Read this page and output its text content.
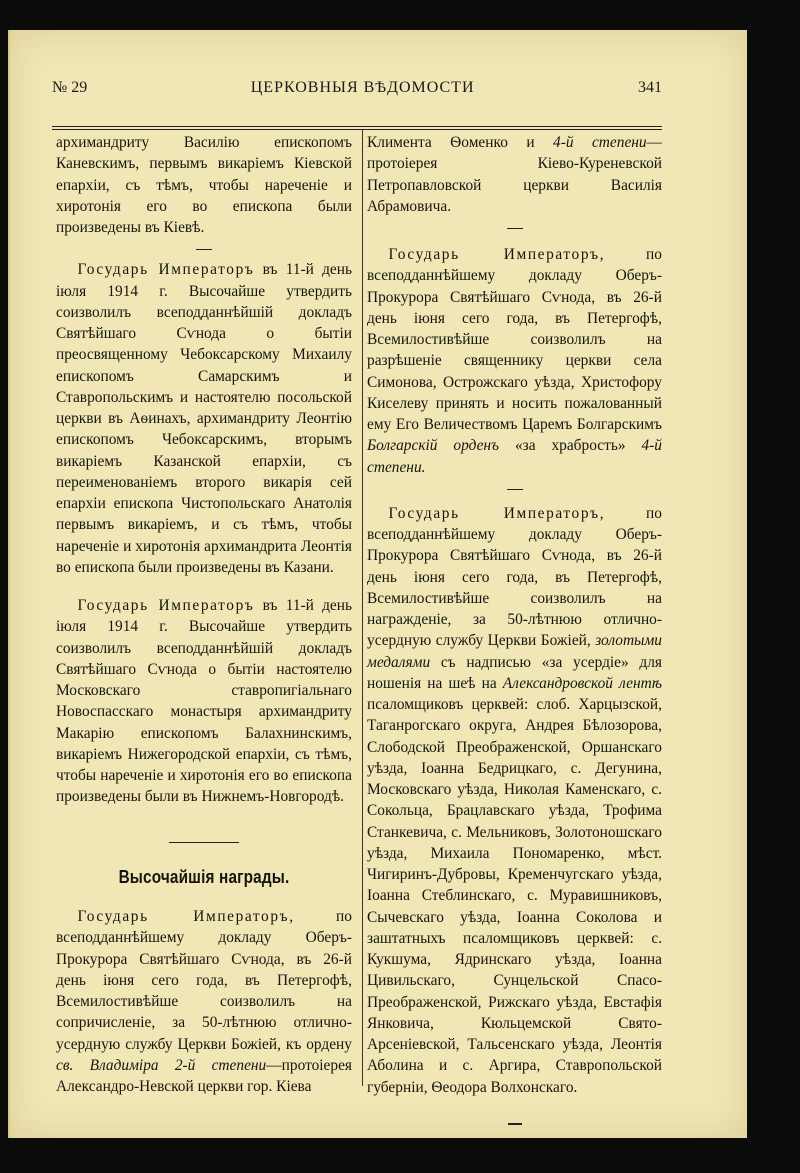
№ 29	ЦЕРКОВНЫЯ ВѢДОМОСТИ	341

архимандриту Василію епископомъ Каневскимъ, первымъ викаріемъ Кіевской епархіи, съ тѣмъ, чтобы нареченіе и хиротонія его во епископа были произведены въ Кіевѣ.

Государь Императоръ въ 11-й день іюля 1914 г. Высочайше утвердить соизволилъ всеподданнѣйшій докладъ Святѣйшаго Сѵнода о бытіи преосвященному Чебоксарскому Михаилу епископомъ Самарскимъ и Ставропольскимъ и настоятелю посольской церкви въ Аѳинахъ, архимандриту Леонтію епископомъ Чебоксарскимъ, вторымъ викаріемъ Казанской епархіи, съ переименованіемъ второго викарія сей епархіи епископа Чистопольскаго Анатолія первымъ викаріемъ, и съ тѣмъ, чтобы нареченіе и хиротонія архимандрита Леонтія во епископа были произведены въ Казани.

Государь Императоръ въ 11-й день іюля 1914 г. Высочайше утвердить соизволилъ всеподданнѣйшій докладъ Святѣйшаго Сѵнода о бытіи настоятелю Московскаго ставропигіальнаго Новоспасскаго монастыря архимандриту Макарію епископомъ Балахнинскимъ, викаріемъ Нижегородской епархіи, съ тѣмъ, чтобы нареченіе и хиротонія его во епископа произведены были въ Нижнемъ-Новгородѣ.

Высочайшія награды.

Государь Императоръ, по всеподданнѣйшему докладу Оберъ-Прокурора Святѣйшаго Сѵнода, въ 26-й день іюня сего года, въ Петергофѣ, Всемилостивѣйше соизволилъ на сопричисленіе, за 50-лѣтнюю отлично-усердную службу Церкви Божіей, къ ордену св. Владиміра 2-й степени—протоіерея Александро-Невской церкви гор. Кіева

Климента Ѳоменко и 4-й степени—протоіерея Кіево-Куреневской Петропавловской церкви Василія Абрамовича.

Государь Императоръ, по всеподданнѣйшему докладу Оберъ-Прокурора Святѣйшаго Сѵнода, въ 26-й день іюня сего года, въ Петергофѣ, Всемилостивѣйше соизволилъ на разрѣшеніе священнику церкви села Симонова, Острожскаго уѣзда, Христофору Киселеву принять и носить пожалованный ему Его Величествомъ Царемъ Болгарскимъ Болгарскій орденъ «за храбрость» 4-й степени.

Государь Императоръ, по всеподданнѣйшему докладу Оберъ-Прокурора Святѣйшаго Сѵнода, въ 26-й день іюня сего года, въ Петергофѣ, Всемилостивѣйше соизволилъ на награжденіе, за 50-лѣтнюю отлично-усердную службу Церкви Божіей, золотыми медалями съ надписью «за усердіе» для ношенія на шеѣ на Александровской лентѣ псаломщиковъ церквей: слоб. Харцызской, Таганрогскаго округа, Андрея Бѣлозорова, Слободской Преображенской, Оршанскаго уѣзда, Іоанна Бедрицкаго, с. Дегунина, Московскаго уѣзда, Николая Каменскаго, с. Сокольца, Брацлавскаго уѣзда, Трофима Станкевича, с. Мельниковъ, Золотоношскаго уѣзда, Михаила Пономаренко, мѣст. Чигиринъ-Дубровы, Кременчугскаго уѣзда, Іоанна Стеблинскаго, с. Муравишниковъ, Сычевскаго уѣзда, Іоанна Соколова и заштатныхъ псаломщиковъ церквей: с. Кукшума, Ядринскаго уѣзда, Іоанна Цивильскаго, Сунцельской Спасо-Преображенской, Рижскаго уѣзда, Евстафія Янковича, Кюльцемской Свято-Арсеніевской, Тальсенскаго уѣзда, Леонтія Аболина и с. Аргира, Ставропольской губерніи, Ѳеодора Волхонскаго.
